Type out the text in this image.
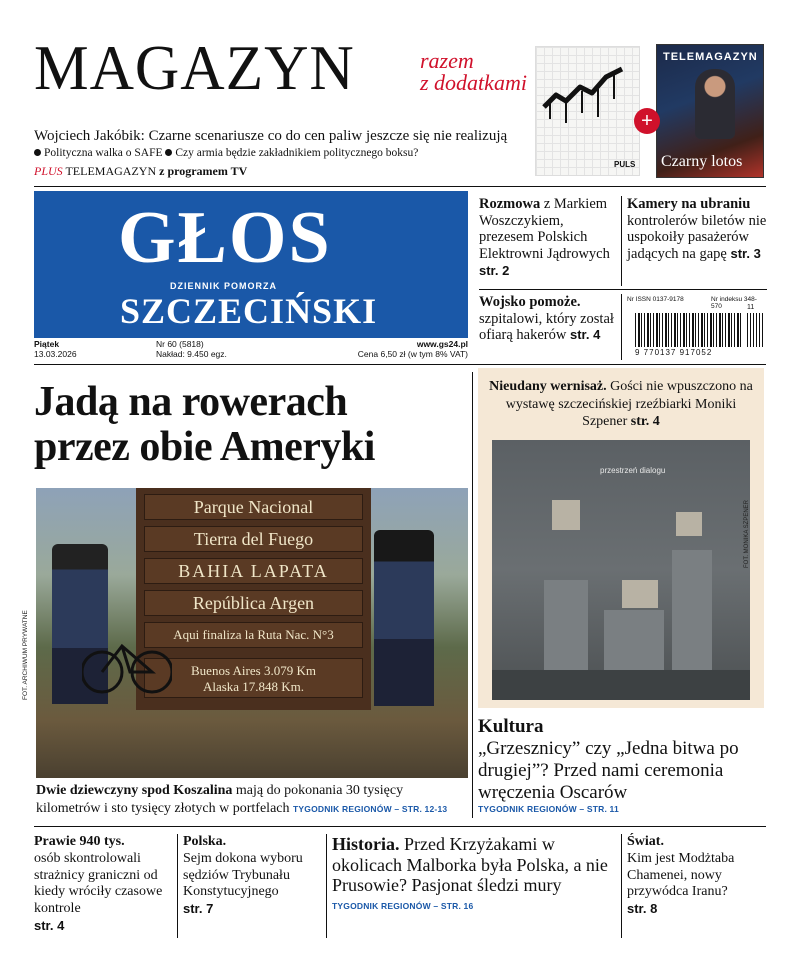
MAGAZYN	razem
z dodatkami
Wojciech Jakóbik: Czarne scenariusze co do cen paliw jeszcze się nie realizują
Polityczna walka o SAFE Czy armia będzie zakładnikiem politycznego boksu?
PLUS TELEMAGAZYN z programem TV	PULS
TELEMAGAZYN
Czarny lotos
+
GŁOS
DZIENNIK POMORZA
SZCZECIŃSKI
Piątek
13.03.2026
Nr 60 (5818)
Nakład: 9.450 egz.
www.gs24.pl
Cena 6,50 zł (w tym 8% VAT)
Rozmowa z Markiem Woszczykiem, prezesem Polskich Elektrowni Jądrowych str. 2
Kamery na ubraniu kontrolerów biletów nie uspokoiły pasażerów jadących na gapę str. 3
Wojsko pomoże. szpitalowi, który został ofiarą hakerów str. 4
Nr ISSN 0137-9178	Nr indeksu 348-570	11
9 770137 917052
Jadą na rowerach
przez obie Ameryki
Parque Nacional
Tierra del Fuego
BAHIA LAPATA
República Argen
Aqui finaliza la Ruta Nac. N°3
Buenos Aires 3.079 Km
Alaska 17.848 Km.
FOT. ARCHIWUM PRYWATNE
Dwie dziewczyny spod Koszalina mają do pokonania 30 tysięcy kilometrów i sto tysięcy złotych w portfelach TYGODNIK REGIONÓW – STR. 12-13
Nieudany wernisaż. Gości nie wpuszczono na wystawę szczecińskiej rzeźbiarki Moniki Szpener str. 4
przestrzeń dialogu
FOT. MONIKA SZPENER
Kultura
„Grzesznicy” czy „Jedna bitwa po drugiej”? Przed nami ceremonia wręczenia Oscarów
TYGODNIK REGIONÓW – STR. 11
Prawie 940 tys.
osób skontrolowali strażnicy graniczni od kiedy wróciły czasowe kontrole
str. 4
Polska.
Sejm dokona wyboru sędziów Trybunału Konstytucyjnego
str. 7
Historia. Przed Krzyżakami w okolicach Malborka była Polska, a nie Prusowie? Pasjonat śledzi mury
TYGODNIK REGIONÓW – STR. 16
Świat.
Kim jest Modżtaba Chamenei, nowy przywódca Iranu?
str. 8
